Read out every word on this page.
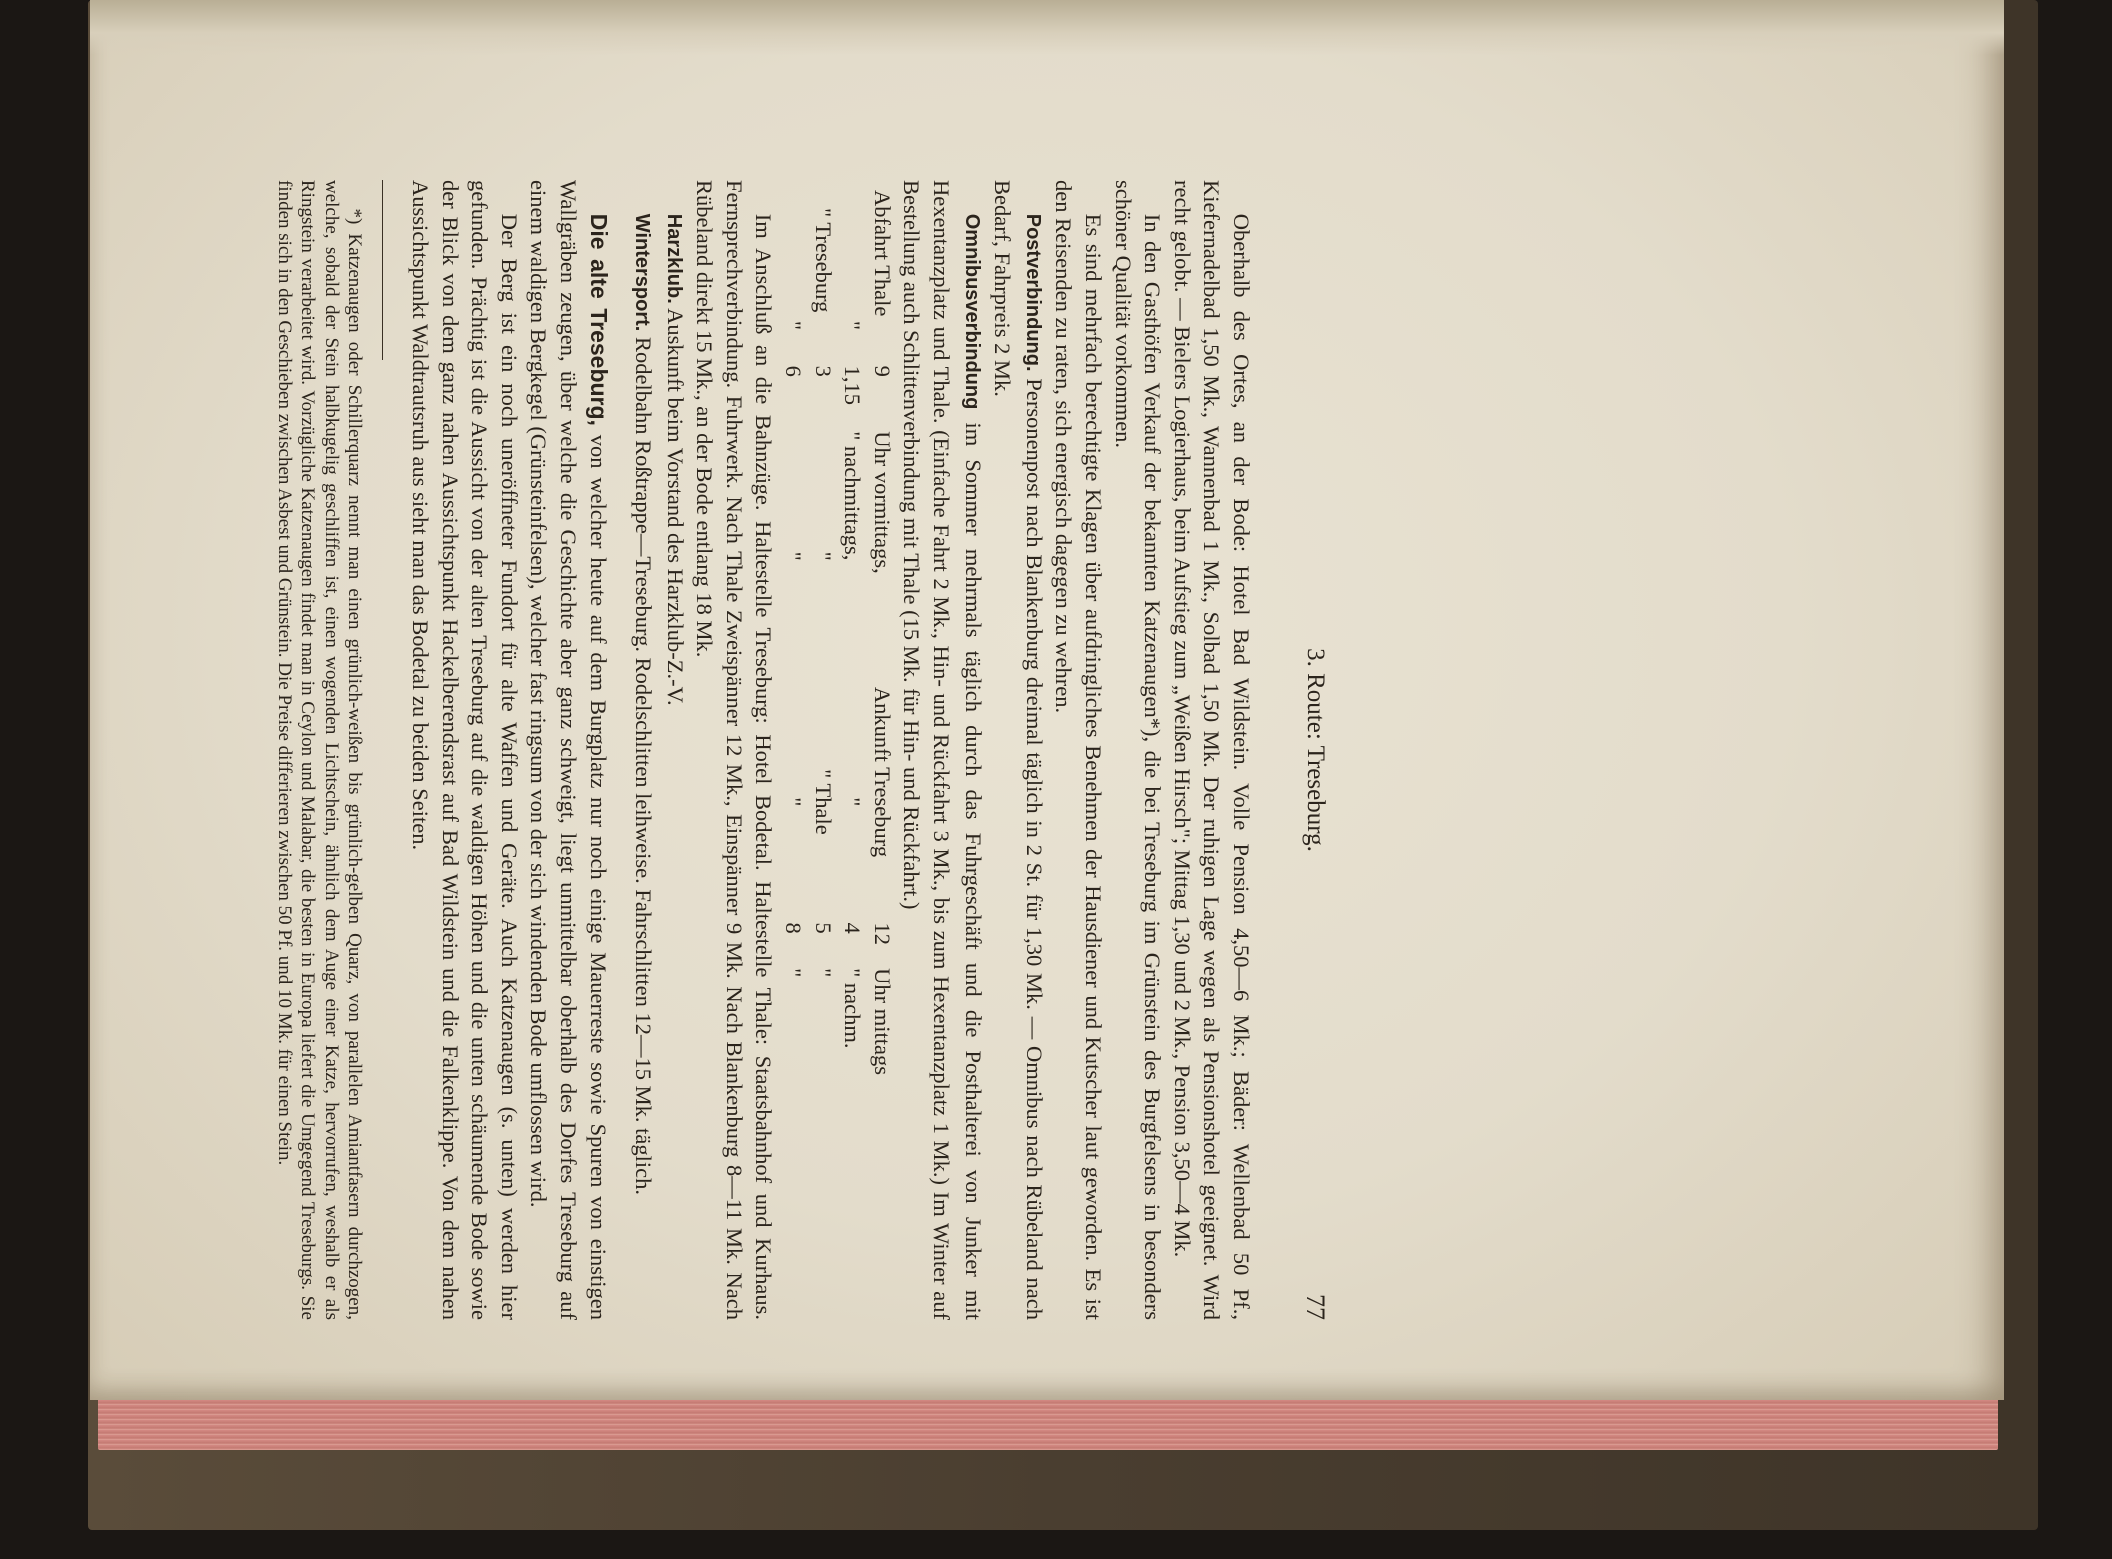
3. Route: Treseburg.
77

Oberhalb des Ortes, an der Bode: Hotel Bad Wildstein. Volle Pension 4,50—6 Mk.; Bäder: Wellenbad 50 Pf., Kiefernadelbad 1,50 Mk., Wannenbad 1 Mk., Solbad 1,50 Mk. Der ruhigen Lage wegen als Pensionshotel geeignet. Wird recht gelobt. — Bielers Logierhaus, beim Aufstieg zum „Weißen Hirsch"; Mittag 1,30 und 2 Mk., Pension 3,50—4 Mk.

In den Gasthöfen Verkauf der bekannten Katzenaugen*), die bei Treseburg im Grünstein des Burgfelsens in besonders schöner Qualität vorkommen.

Es sind mehrfach berechtigte Klagen über aufdringliches Benehmen der Hausdiener und Kutscher laut geworden. Es ist den Reisenden zu raten, sich energisch dagegen zu wehren.

Postverbindung. Personenpost nach Blankenburg dreimal täglich in 2 St. für 1,30 Mk. — Omnibus nach Rübeland nach Bedarf, Fahrpreis 2 Mk.

Omnibusverbindung im Sommer mehrmals täglich durch das Fuhrgeschäft und die Posthalterei von Junker mit Hexentanzplatz und Thale. (Einfache Fahrt 2 Mk., Hin- und Rückfahrt 3 Mk., bis zum Hexentanzplatz 1 Mk.) Im Winter auf Bestellung auch Schlittenverbindung mit Thale (15 Mk. für Hin- und Rückfahrt.)

Abfahrt Thale 9 Uhr vormittags, Ankunft Treseburg 12 Uhr mittags
" 1,15 " nachmittags, " 4 " nachm.
" Treseburg 3 " " Thale 5 "
" 6 " " 8 "

Im Anschluß an die Bahnzüge. Haltestelle Treseburg: Hotel Bodetal. Haltestelle Thale: Staatsbahnhof und Kurhaus. Fernsprechverbindung. Fuhrwerk. Nach Thale Zweispänner 12 Mk., Einspänner 9 Mk. Nach Blankenburg 8—11 Mk. Nach Rübeland direkt 15 Mk., an der Bode entlang 18 Mk.

Harzklub. Auskunft beim Vorstand des Harzklub-Z.-V.

Wintersport. Rodelbahn Roßtrappe—Treseburg. Rodelschlitten leihweise. Fahrschlitten 12—15 Mk. täglich.

Die alte Treseburg, von welcher heute auf dem Burgplatz nur noch einige Mauerreste sowie Spuren von einstigen Wallgräben zeugen, über welche die Geschichte aber ganz schweigt, liegt unmittelbar oberhalb des Dorfes Treseburg auf einem waldigen Bergkegel (Grünsteinfelsen), welcher fast ringsum von der sich windenden Bode umflossen wird.

Der Berg ist ein noch uneröffneter Fundort für alte Waffen und Geräte. Auch Katzenaugen (s. unten) werden hier gefunden. Prächtig ist die Aussicht von der alten Treseburg auf die waldigen Höhen und die unten schäumende Bode sowie der Blick von dem ganz nahen Aussichtspunkt Hackelberendsrast auf Bad Wildstein und die Falkenklippe. Von dem nahen Aussichtspunkt Waldtrautsruh aus sieht man das Bodetal zu beiden Seiten.

*) Katzenaugen oder Schillerquarz nennt man einen grünlich-weißen bis grünlich-gelben Quarz, von parallelen Amiantfasern durchzogen, welche, sobald der Stein halbkugelig geschliffen ist, einen wogenden Lichtschein, ähnlich dem Auge einer Katze, hervorrufen, weshalb er als Ringstein verarbeitet wird. Vorzügliche Katzenaugen findet man in Ceylon und Malabar, die besten in Europa liefert die Umgegend Treseburgs. Sie finden sich in den Geschieben zwischen Asbest und Grünstein. Die Preise differieren zwischen 50 Pf. und 10 Mk. für einen Stein.
